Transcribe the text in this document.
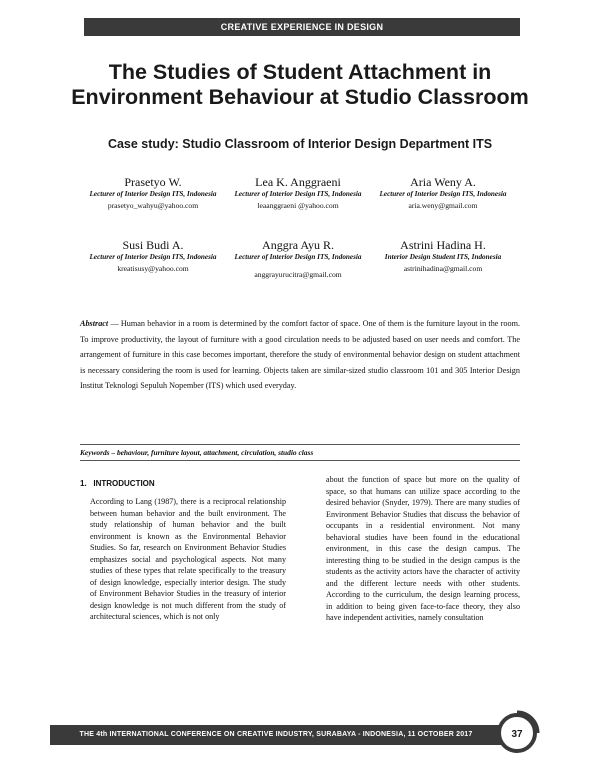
CREATIVE EXPERIENCE IN DESIGN
The Studies of Student Attachment in Environment Behaviour at Studio Classroom
Case study: Studio Classroom of Interior Design Department ITS
Prasetyo W.
Lecturer of Interior Design ITS, Indonesia
prasetyo_wahyu@yahoo.com
Lea K. Anggraeni
Lecturer of Interior Design ITS, Indonesia
leaanggraeni @yahoo.com
Aria Weny A.
Lecturer of Interior Design ITS, Indonesia
aria.weny@gmail.com
Susi Budi A.
Lecturer of Interior Design ITS, Indonesia
kreatisusy@yahoo.com
Anggra Ayu R.
Lecturer of Interior Design ITS, Indonesia
anggrayurucitra@gmail.com
Astrini Hadina H.
Interior Design Student ITS, Indonesia
astrinihadina@gmail.com
Abstract — Human behavior in a room is determined by the comfort factor of space. One of them is the furniture layout in the room. To improve productivity, the layout of furniture with a good circulation needs to be adjusted based on user needs and comfort. The arrangement of furniture in this case becomes important, therefore the study of environmental behavior design on student attachment is necessary considering the room is used for learning. Objects taken are similar-sized studio classroom 101 and 305 Interior Design Institut Teknologi Sepuluh Nopember (ITS) which used everyday.
Keywords – behaviour, furniture layout, attachment, circulation, studio class
1. INTRODUCTION
According to Lang (1987), there is a reciprocal relationship between human behavior and the built environment. The study relationship of human behavior and the built environment is known as the Environmental Behavior Studies. So far, research on Environment Behavior Studies emphasizes social and psychological aspects. Not many studies of these types that relate specifically to the treasury of design knowledge, especially interior design. The study of Environment Behavior Studies in the treasury of interior design knowledge is not much different from the study of architectural sciences, which is not only
about the function of space but more on the quality of space, so that humans can utilize space according to the desired behavior (Snyder, 1979). There are many studies of Environment Behavior Studies that discuss the behavior of occupants in a residential environment. Not many behavioral studies have been found in the educational environment, in this case the design campus. The interesting thing to be studied in the design campus is the students as the activity actors have the character of activity and the different lecture needs with other students. According to the curriculum, the design learning process, in addition to being given face-to-face theory, they also have independent activities, namely consultation
THE 4th INTERNATIONAL CONFERENCE ON CREATIVE INDUSTRY, SURABAYA - INDONESIA, 11 OCTOBER 2017	37
